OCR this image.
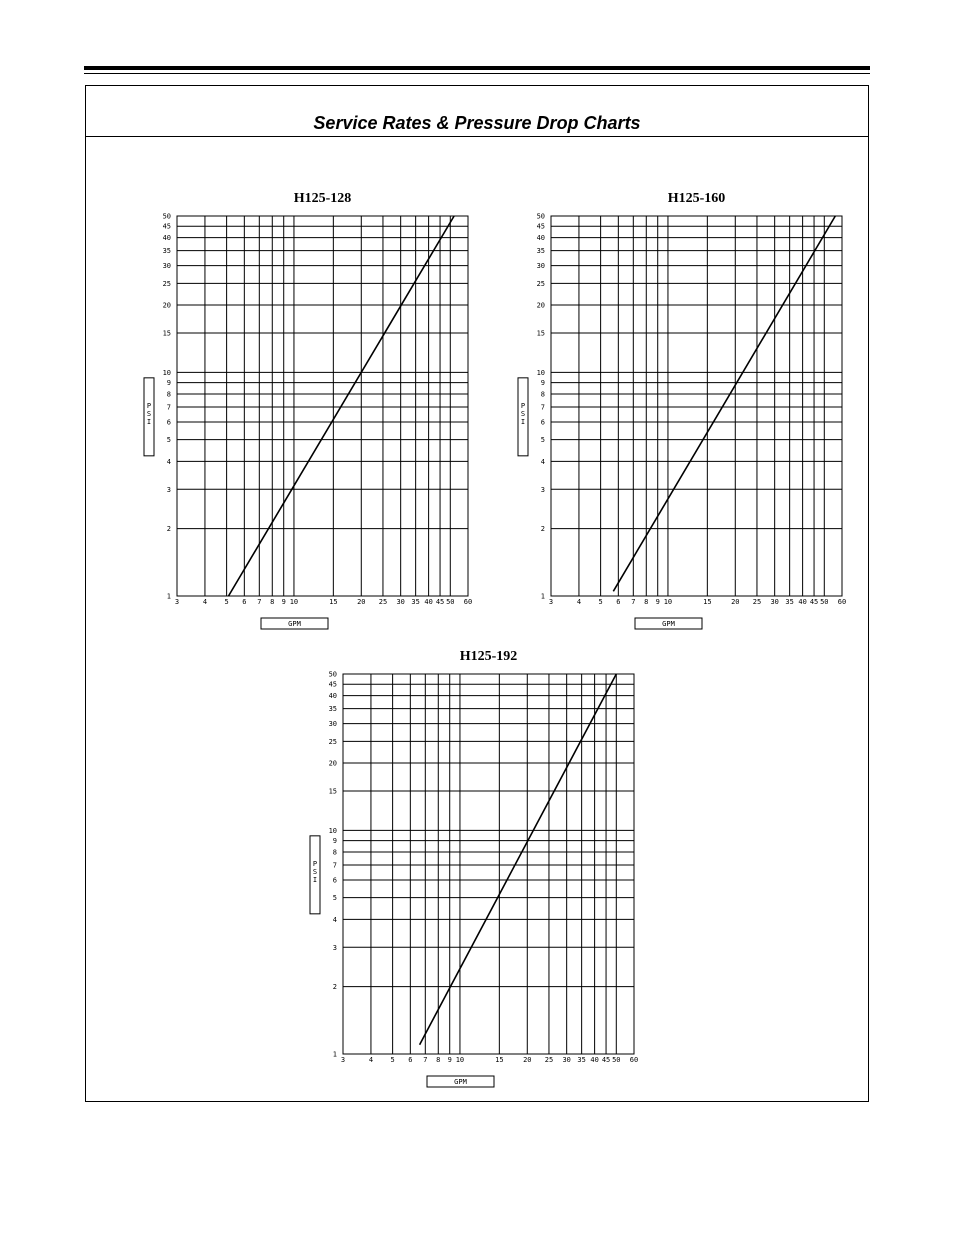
Service Rates & Pressure Drop Charts
H125-128
3	4 5 6 7 8 9 10	15	20 25 30 35 40 45 50 60
1
2
3
4
5
6
7
8
9
10
15
20
25
30
35
40
45
50
GPM
P S I
H125-160
3	4 5 6 7 8 9 10	15	20 25 30 35 40 45 50 60
1
2
3
4
5
6
7
8
9
10
15
20
25
30
35
40
45
50
GPM
P S I
H125-192
3	4 5 6 7 8 9 10	15	20 25 30 35 40 45 50 60
1
2
3
4
5
6
7
8
9
10
15
20
25
30
35
40
45
50
GPM
P S I
